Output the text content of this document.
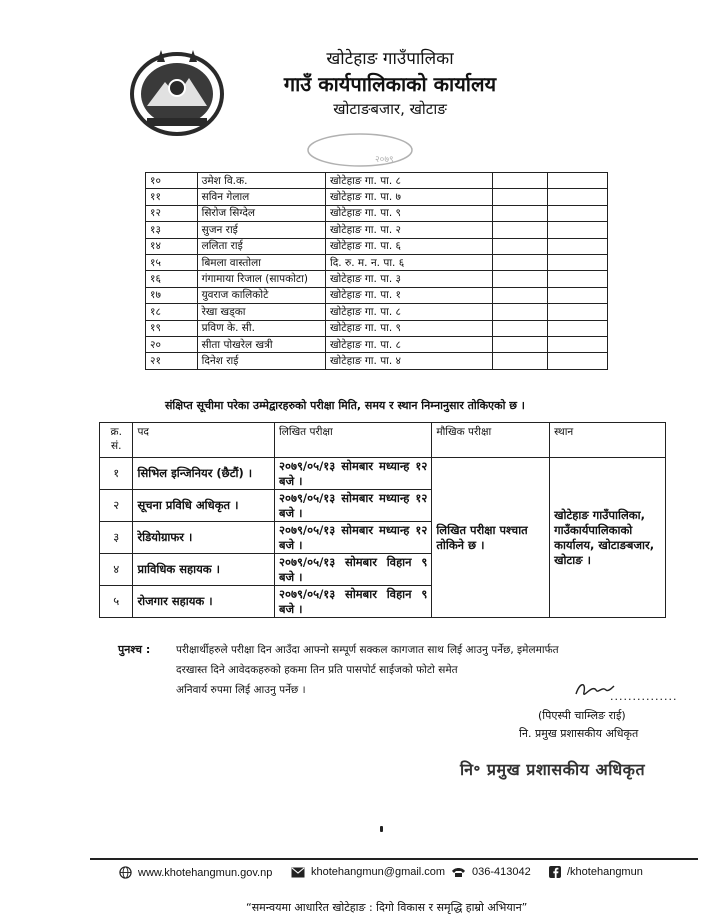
खोटेहाङ गाउँपालिका
गाउँ कार्यपालिकाको कार्यालय
खोटाङबजार, खोटाङ
२०७९
१०	उमेश वि.क.	खोटेहाङ गा. पा. ८		
११	सविन गेलाल	खोटेहाङ गा. पा. ७		
१२	सिरोज सिग्देल	खोटेहाङ गा. पा. ९		
१३	सुजन राई	खोटेहाङ गा. पा. २		
१४	ललिता राई	खोटेहाङ गा. पा. ६		
१५	बिमला वास्तोला	दि. रु. म. न. पा. ६		
१६	गंगामाया रिजाल (सापकोटा)	खोटेहाङ गा. पा. ३		
१७	युवराज कालिकोटे	खोटेहाङ गा. पा. १		
१८	रेखा खड्का	खोटेहाङ गा. पा. ८		
१९	प्रविण के. सी.	खोटेहाङ गा. पा. ९		
२०	सीता पोखरेल खत्री	खोटेहाङ गा. पा. ८		
२१	दिनेश राई	खोटेहाङ गा. पा. ४		
संक्षिप्त सूचीमा परेका उम्मेद्वारहरुको परीक्षा मिति, समय र स्थान निम्नानुसार तोकिएको छ ।
क्र. सं.	पद	लिखित परीक्षा	मौखिक परीक्षा	स्थान
१	सिभिल इन्जिनियर (छैटौं) ।	२०७९/०५/१३ सोमबार मध्यान्ह १२ बजे ।	लिखित परीक्षा पश्चात तोकिने छ ।	खोटेहाङ गाउँपालिका, गाउँकार्यपालिकाको कार्यालय, खोटाङबजार, खोटाङ ।
२	सूचना प्रविधि अधिकृत ।	२०७९/०५/१३ सोमबार मध्यान्ह १२ बजे ।		
३	रेडियोग्राफर ।	२०७९/०५/१३ सोमबार मध्यान्ह १२ बजे ।		
४	प्राविधिक सहायक ।	२०७९/०५/१३ सोमबार विहान ९ बजे ।		
५	रोजगार सहायक ।	२०७९/०५/१३ सोमबार विहान ९ बजे ।		
पुनश्च : परीक्षार्थीहरुले परीक्षा दिन आउँदा आफ्नो सम्पूर्ण सक्कल कागजात साथ लिई आउनु पर्नेछ, इमेलमार्फत
दरखास्त दिने आवेदकहरुको हकमा तिन प्रति पासपोर्ट साईजको फोटो समेत
अनिवार्य रुपमा लिई आउनु पर्नेछ ।	...............
(पिएस्पी चाम्लिङ राई)
नि. प्रमुख प्रशासकीय अधिकृत
नि॰ प्रमुख प्रशासकीय अधिकृत
www.khotehangmun.gov.np	khotehangmun@gmail.com 036-413042	/khotehangmun
“समन्वयमा आधारित खोटेहाङ : दिगो विकास र समृद्धि हाम्रो अभियान”
